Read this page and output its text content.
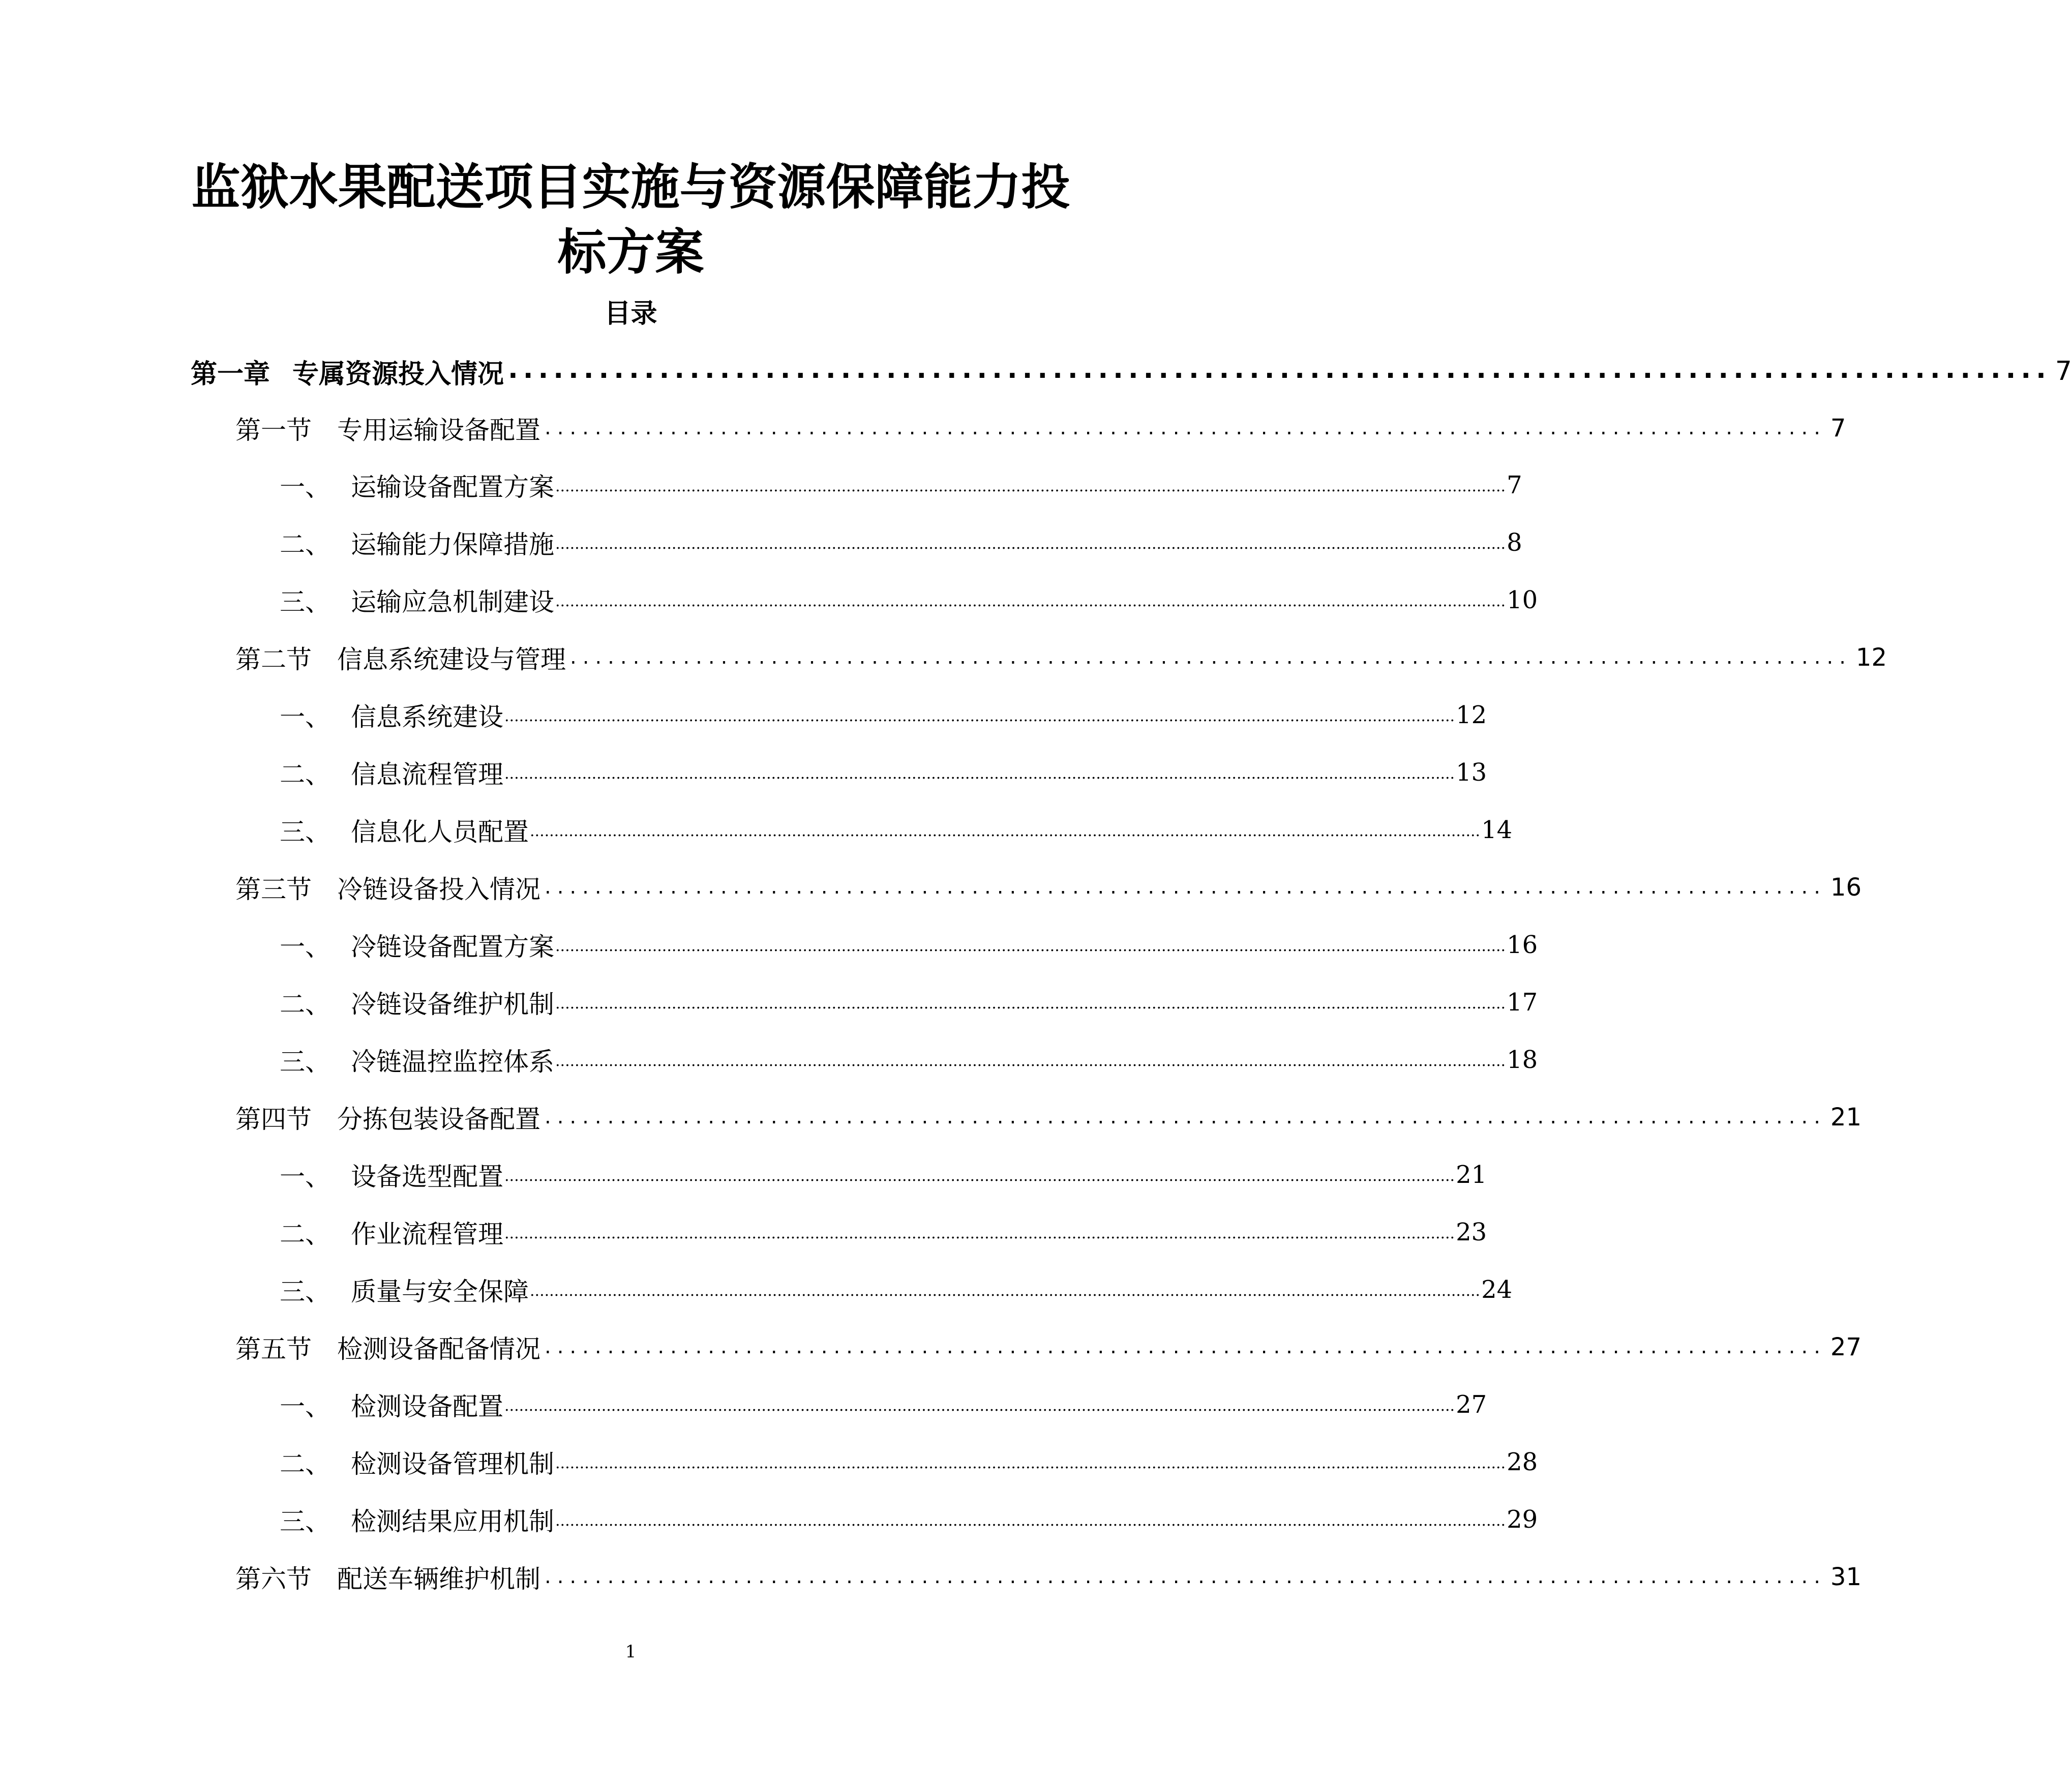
监狱水果配送项目实施与资源保障能力投
标方案
目录
第一章 专属资源投入情况 ...................................................................................................... 7
第一节	专用运输设备配置 ...................................................................................................... 7
一、 运输设备配置方案 .................................................................................................................................................................................................... 7
二、 运输能力保障措施 .................................................................................................................................................................................................... 8
三、 运输应急机制建设 .................................................................................................................................................................................................... 10
第二节	信息系统建设与管理 ...................................................................................................... 12
一、 信息系统建设 .................................................................................................................................................................................................... 12
二、 信息流程管理 .................................................................................................................................................................................................... 13
三、 信息化人员配置 .................................................................................................................................................................................................... 14
第三节	冷链设备投入情况 ...................................................................................................... 16
一、 冷链设备配置方案 .................................................................................................................................................................................................... 16
二、 冷链设备维护机制 .................................................................................................................................................................................................... 17
三、 冷链温控监控体系 .................................................................................................................................................................................................... 18
第四节	分拣包装设备配置 ...................................................................................................... 21
一、 设备选型配置 .................................................................................................................................................................................................... 21
二、 作业流程管理 .................................................................................................................................................................................................... 23
三、 质量与安全保障 .................................................................................................................................................................................................... 24
第五节	检测设备配备情况 ...................................................................................................... 27
一、 检测设备配置 .................................................................................................................................................................................................... 27
二、 检测设备管理机制 .................................................................................................................................................................................................... 28
三、 检测结果应用机制 .................................................................................................................................................................................................... 29
第六节	配送车辆维护机制 ...................................................................................................... 31
1
